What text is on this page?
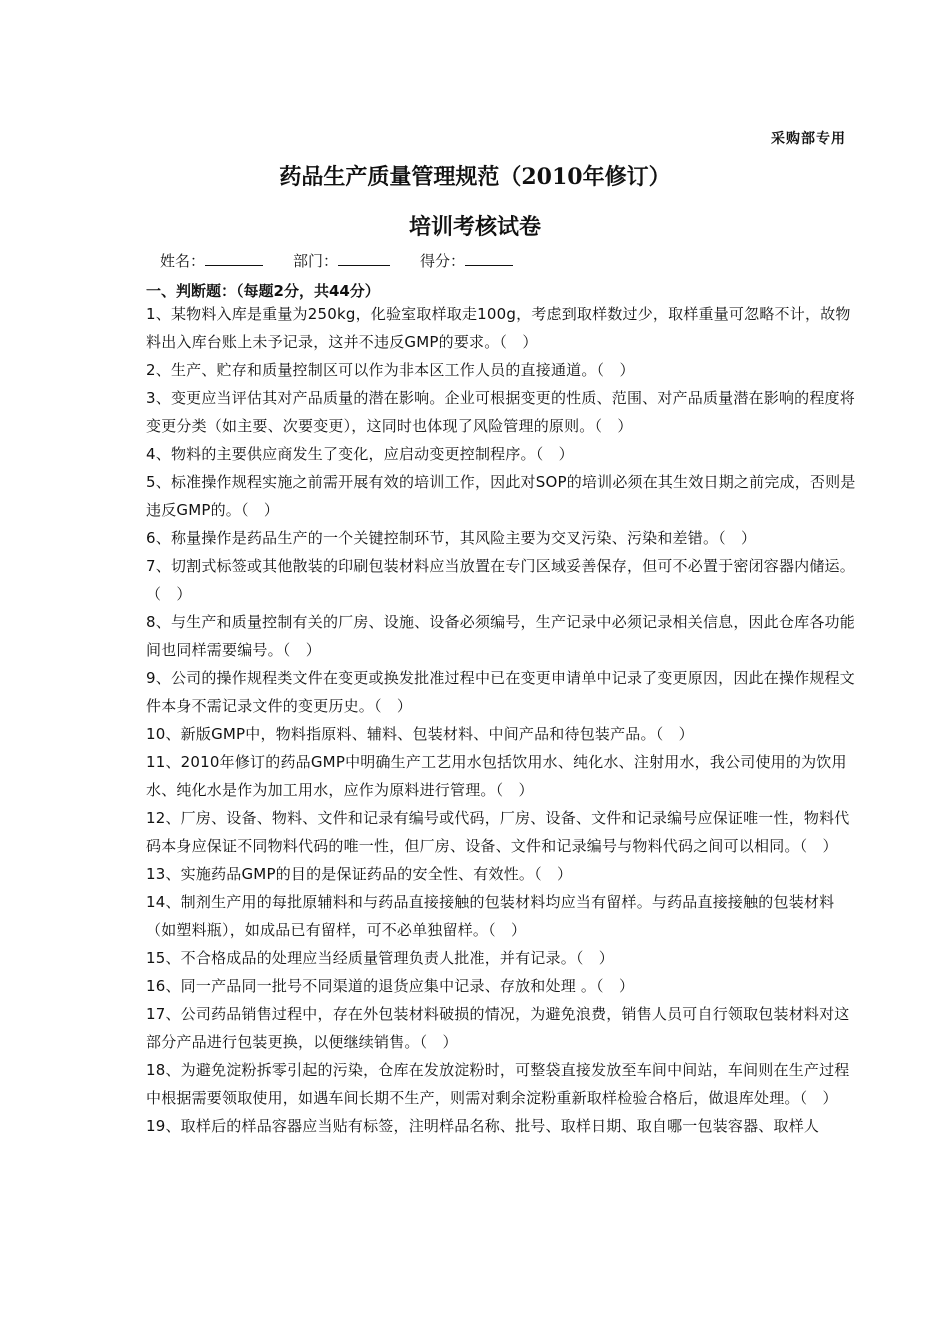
采购部专用
药品生产质量管理规范（2010年修订）
培训考核试卷
姓名：	部门：	得分：
一、判断题：（每题2分，共44分）

1、某物料入库是重量为250kg，化验室取样取走100g，考虑到取样数过少，取样重量可忽略不计，故物料出入库台账上未予记录，这并不违反GMP的要求。（　）

2、生产、贮存和质量控制区可以作为非本区工作人员的直接通道。（　）

3、变更应当评估其对产品质量的潜在影响。企业可根据变更的性质、范围、对产品质量潜在影响的程度将变更分类（如主要、次要变更），这同时也体现了风险管理的原则。（　）

4、物料的主要供应商发生了变化，应启动变更控制程序。（　）

5、标准操作规程实施之前需开展有效的培训工作，因此对SOP的培训必须在其生效日期之前完成，否则是违反GMP的。（　）

6、称量操作是药品生产的一个关键控制环节，其风险主要为交叉污染、污染和差错。（　）

7、切割式标签或其他散装的印刷包装材料应当放置在专门区域妥善保存，但可不必置于密闭容器内储运。（　）

8、与生产和质量控制有关的厂房、设施、设备必须编号，生产记录中必须记录相关信息，因此仓库各功能间也同样需要编号。（　）

9、公司的操作规程类文件在变更或换发批准过程中已在变更申请单中记录了变更原因，因此在操作规程文件本身不需记录文件的变更历史。（　）

10、新版GMP中，物料指原料、辅料、包装材料、中间产品和待包装产品。（　）

11、2010年修订的药品GMP中明确生产工艺用水包括饮用水、纯化水、注射用水，我公司使用的为饮用水、纯化水是作为加工用水，应作为原料进行管理。（　）

12、厂房、设备、物料、文件和记录有编号或代码，厂房、设备、文件和记录编号应保证唯一性，物料代码本身应保证不同物料代码的唯一性，但厂房、设备、文件和记录编号与物料代码之间可以相同。（　）

13、实施药品GMP的目的是保证药品的安全性、有效性。（　）

14、制剂生产用的每批原辅料和与药品直接接触的包装材料均应当有留样。与药品直接接触的包装材料（如塑料瓶），如成品已有留样，可不必单独留样。（　）

15、不合格成品的处理应当经质量管理负责人批准，并有记录。（　）

16、同一产品同一批号不同渠道的退货应集中记录、存放和处理 。（　）

17、公司药品销售过程中，存在外包装材料破损的情况，为避免浪费，销售人员可自行领取包装材料对这部分产品进行包装更换，以便继续销售。（　）

18、为避免淀粉拆零引起的污染，仓库在发放淀粉时，可整袋直接发放至车间中间站，车间则在生产过程中根据需要领取使用，如遇车间长期不生产，则需对剩余淀粉重新取样检验合格后，做退库处理。（　）

19、取样后的样品容器应当贴有标签，注明样品名称、批号、取样日期、取自哪一包装容器、取样人
